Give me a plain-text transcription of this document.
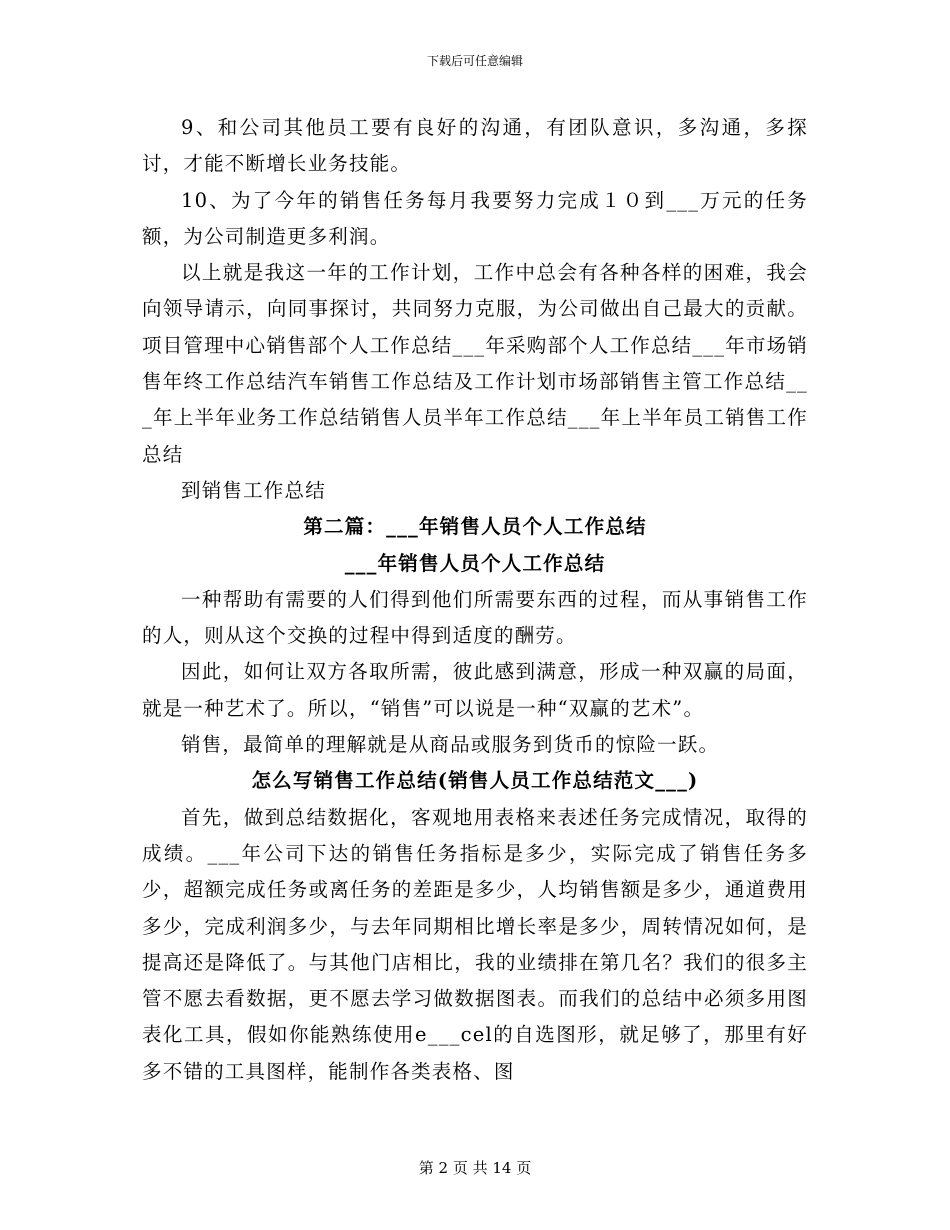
下载后可任意编辑

9、和公司其他员工要有良好的沟通，有团队意识，多沟通，多探讨，才能不断增长业务技能。

10、为了今年的销售任务每月我要努力完成１０到___万元的任务额，为公司制造更多利润。

以上就是我这一年的工作计划，工作中总会有各种各样的困难，我会向领导请示，向同事探讨，共同努力克服，为公司做出自己最大的贡献。项目管理中心销售部个人工作总结___年采购部个人工作总结___年市场销售年终工作总结汽车销售工作总结及工作计划市场部销售主管工作总结___年上半年业务工作总结销售人员半年工作总结___年上半年员工销售工作总结

到销售工作总结

第二篇：___年销售人员个人工作总结

___年销售人员个人工作总结

一种帮助有需要的人们得到他们所需要东西的过程，而从事销售工作的人，则从这个交换的过程中得到适度的酬劳。

因此，如何让双方各取所需，彼此感到满意，形成一种双赢的局面，就是一种艺术了。所以，“销售”可以说是一种“双赢的艺术”。

销售，最简单的理解就是从商品或服务到货币的惊险一跃。

怎么写销售工作总结(销售人员工作总结范文___)

首先，做到总结数据化，客观地用表格来表述任务完成情况，取得的成绩。___年公司下达的销售任务指标是多少，实际完成了销售任务多少，超额完成任务或离任务的差距是多少，人均销售额是多少，通道费用多少，完成利润多少，与去年同期相比增长率是多少，周转情况如何，是提高还是降低了。与其他门店相比，我的业绩排在第几名？我们的很多主管不愿去看数据，更不愿去学习做数据图表。而我们的总结中必须多用图表化工具，假如你能熟练使用e___cel的自选图形，就足够了，那里有好多不错的工具图样，能制作各类表格、图

第 2 页 共 14 页
